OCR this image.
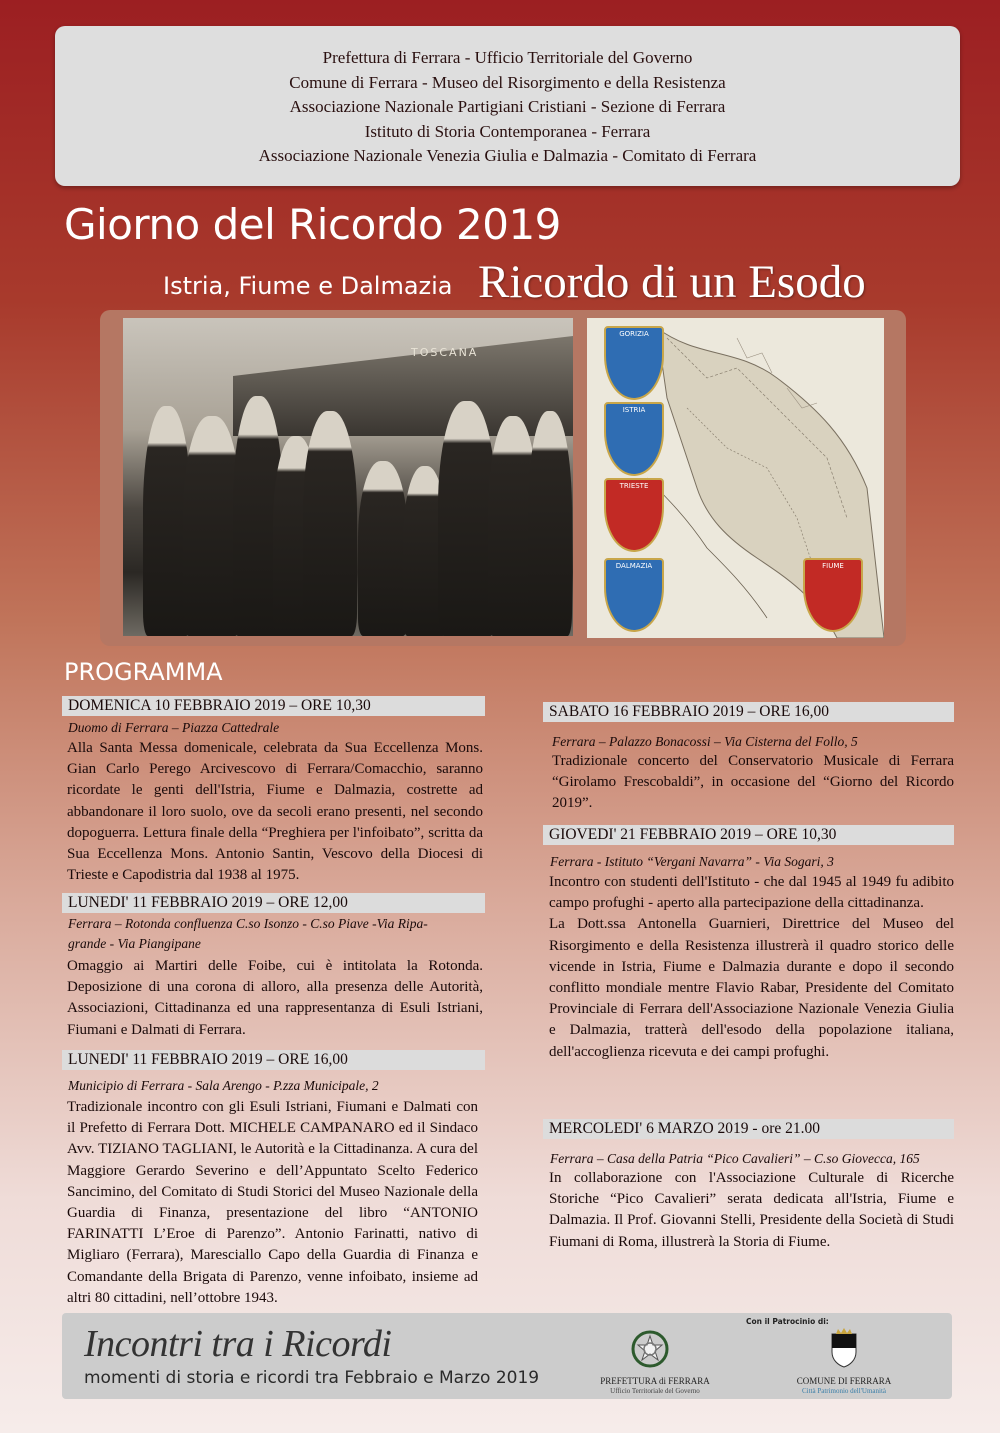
Prefettura di Ferrara - Ufficio Territoriale del Governo
Comune di Ferrara - Museo del Risorgimento e della Resistenza
Associazione Nazionale Partigiani Cristiani - Sezione di Ferrara
Istituto di Storia Contemporanea - Ferrara
Associazione Nazionale Venezia Giulia e Dalmazia - Comitato di Ferrara
Giorno del Ricordo 2019
Istria, Fiume e Dalmazia Ricordo di un Esodo
TOSCANA
GORIZIA
ISTRIA
TRIESTE
DALMAZIA	FIUME
PROGRAMMA
DOMENICA 10 FEBBRAIO 2019 – ORE 10,30
Duomo di Ferrara – Piazza Cattedrale
Alla Santa Messa domenicale, celebrata da Sua Eccellenza Mons. Gian Carlo Perego Arcivescovo di Ferrara/Comacchio, saranno ricordate le genti dell'Istria, Fiume e Dalmazia, costrette ad abbandonare il loro suolo, ove da secoli erano presenti, nel secondo dopoguerra. Lettura finale della “Preghiera per l'infoibato”, scritta da Sua Eccellenza Mons. Antonio Santin, Vescovo della Diocesi di Trieste e Capodistria dal 1938 al 1975.
LUNEDI' 11 FEBBRAIO 2019 – ORE 12,00
Ferrara – Rotonda confluenza C.so Isonzo - C.so Piave -Via Ripa-
grande - Via Piangipane
Omaggio ai Martiri delle Foibe, cui è intitolata la Rotonda. Deposizione di una corona di alloro, alla presenza delle Autorità, Associazioni, Cittadinanza ed una rappresentanza di Esuli Istriani, Fiumani e Dalmati di Ferrara.
LUNEDI' 11 FEBBRAIO 2019 – ORE 16,00
Municipio di Ferrara - Sala Arengo - P.zza Municipale, 2
Tradizionale incontro con gli Esuli Istriani, Fiumani e Dalmati con il Prefetto di Ferrara Dott. MICHELE CAMPANARO ed il Sindaco Avv. TIZIANO TAGLIANI, le Autorità e la Cittadinanza. A cura del Maggiore Gerardo Severino e dell’Appuntato Scelto Federico Sancimino, del Comitato di Studi Storici del Museo Nazionale della Guardia di Finanza, presentazione del libro “ANTONIO FARINATTI L’Eroe di Parenzo”. Antonio Farinatti, nativo di Migliaro (Ferrara), Maresciallo Capo della Guardia di Finanza e Comandante della Brigata di Parenzo, venne infoibato, insieme ad altri 80 cittadini, nell’ottobre 1943.
SABATO 16 FEBBRAIO 2019 – ORE 16,00
Ferrara – Palazzo Bonacossi – Via Cisterna del Follo, 5
Tradizionale concerto del Conservatorio Musicale di Ferrara “Girolamo Frescobaldi”, in occasione del “Giorno del Ricordo 2019”.
GIOVEDI' 21 FEBBRAIO 2019 – ORE 10,30
Ferrara - Istituto “Vergani Navarra” - Via Sogari, 3
Incontro con studenti dell'Istituto - che dal 1945 al 1949 fu adibito campo profughi - aperto alla partecipazione della cittadinanza.
La Dott.ssa Antonella Guarnieri, Direttrice del Museo del Risorgimento e della Resistenza illustrerà il quadro storico delle vicende in Istria, Fiume e Dalmazia durante e dopo il secondo conflitto mondiale mentre Flavio Rabar, Presidente del Comitato Provinciale di Ferrara dell'Associazione Nazionale Venezia Giulia e Dalmazia, tratterà dell'esodo della popolazione italiana, dell'accoglienza ricevuta e dei campi profughi.
MERCOLEDI' 6 MARZO 2019 - ore 21.00
Ferrara – Casa della Patria “Pico Cavalieri” – C.so Giovecca, 165
In collaborazione con l'Associazione Culturale di Ricerche Storiche “Pico Cavalieri” serata dedicata all'Istria, Fiume e Dalmazia. Il Prof. Giovanni Stelli, Presidente della Società di Studi Fiumani di Roma, illustrerà la Storia di Fiume.
Incontri tra i Ricordi
momenti di storia e ricordi tra Febbraio e Marzo 2019	PREFETTURA di FERRARA
Ufficio Territoriale del Governo
Con il Patrocinio di:
COMUNE DI FERRARA
Città Patrimonio dell'Umanità
